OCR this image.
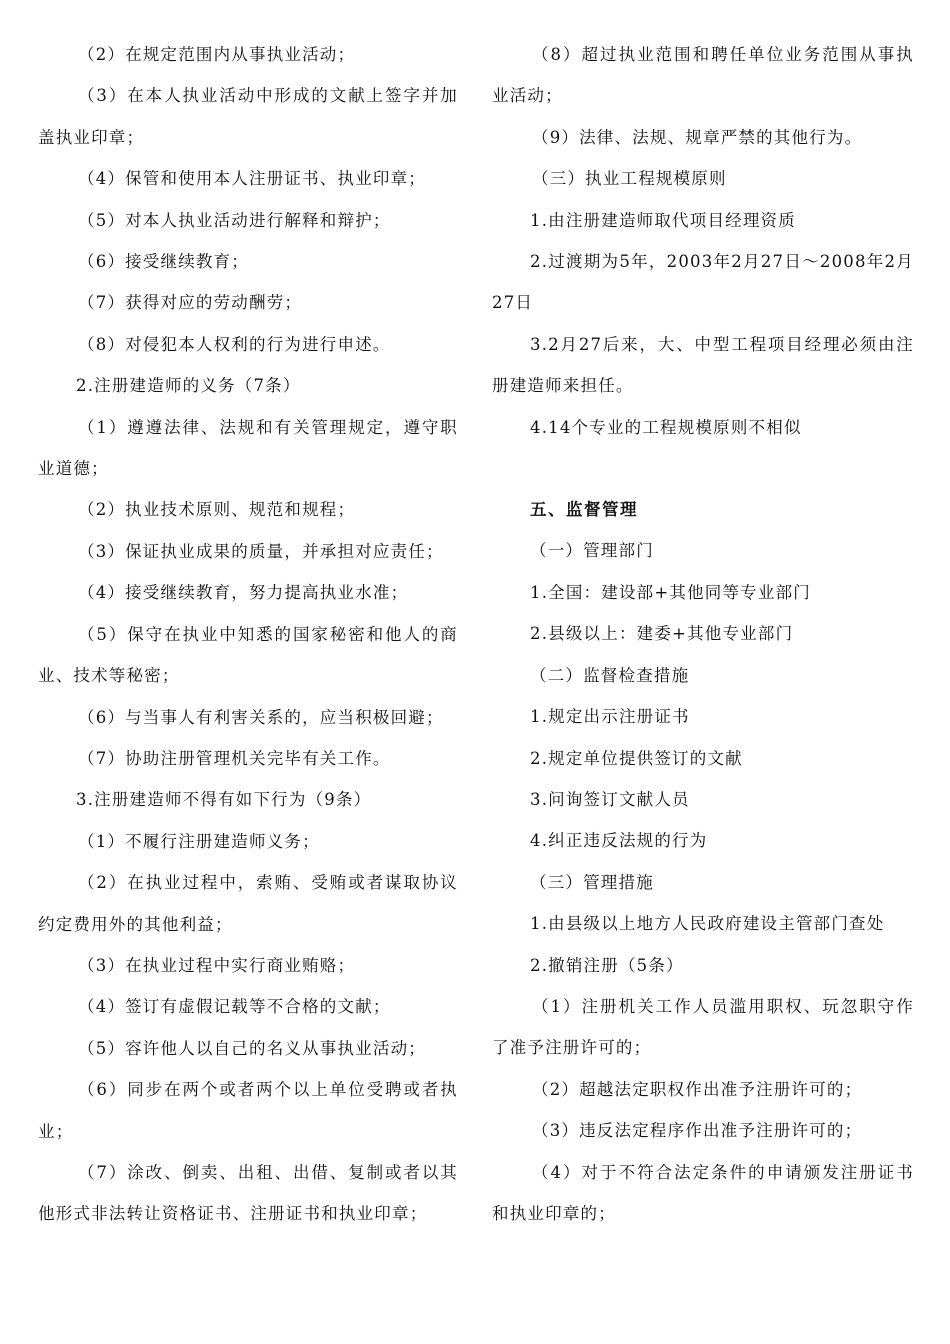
（2）在规定范围内从事执业活动；

（3）在本人执业活动中形成的文献上签字并加盖执业印章；

（4）保管和使用本人注册证书、执业印章；

（5）对本人执业活动进行解释和辩护；

（6）接受继续教育；

（7）获得对应的劳动酬劳；

（8）对侵犯本人权利的行为进行申述。

2.注册建造师的义务（7条）

（1）遵遵法律、法规和有关管理规定，遵守职业道德；

（2）执业技术原则、规范和规程；

（3）保证执业成果的质量，并承担对应责任；

（4）接受继续教育，努力提高执业水准；

（5）保守在执业中知悉的国家秘密和他人的商业、技术等秘密；

（6）与当事人有利害关系的，应当积极回避；

（7）协助注册管理机关完毕有关工作。

3.注册建造师不得有如下行为（9条）

（1）不履行注册建造师义务；

（2）在执业过程中，索贿、受贿或者谋取协议约定费用外的其他利益；

（3）在执业过程中实行商业贿赂；

（4）签订有虚假记载等不合格的文献；

（5）容许他人以自己的名义从事执业活动；

（6）同步在两个或者两个以上单位受聘或者执业；

（7）涂改、倒卖、出租、出借、复制或者以其他形式非法转让资格证书、注册证书和执业印章；

（8）超过执业范围和聘任单位业务范围从事执业活动；

（9）法律、法规、规章严禁的其他行为。

（三）执业工程规模原则

1.由注册建造师取代项目经理资质

2.过渡期为5年，2003年2月27日～2008年2月27日

3.2月27后来，大、中型工程项目经理必须由注册建造师来担任。

4.14个专业的工程规模原则不相似

五、监督管理

（一）管理部门

1.全国：建设部+其他同等专业部门

2.县级以上：建委+其他专业部门

（二）监督检查措施

1.规定出示注册证书

2.规定单位提供签订的文献

3.问询签订文献人员

4.纠正违反法规的行为

（三）管理措施

1.由县级以上地方人民政府建设主管部门查处

2.撤销注册（5条）

（1）注册机关工作人员滥用职权、玩忽职守作了准予注册许可的；

（2）超越法定职权作出准予注册许可的；

（3）违反法定程序作出准予注册许可的；

（4）对于不符合法定条件的申请颁发注册证书和执业印章的；
